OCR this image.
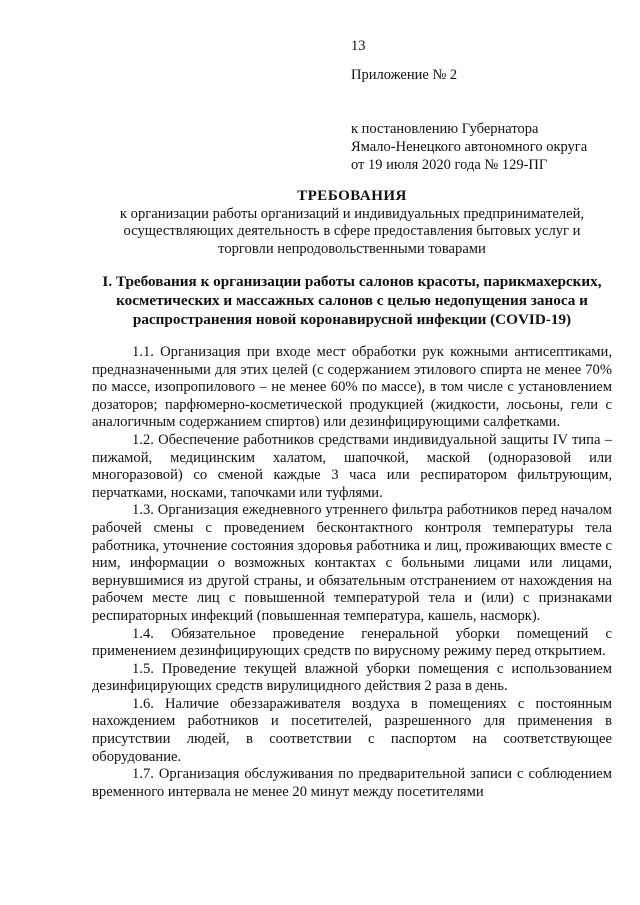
13
Приложение № 2
к постановлению Губернатора
Ямало-Ненецкого автономного округа
от 19 июля 2020 года № 129-ПГ
ТРЕБОВАНИЯ
к организации работы организаций и индивидуальных предпринимателей,
осуществляющих деятельность в сфере предоставления бытовых услуг и
торговли непродовольственными товарами
I. Требования к организации работы салонов красоты, парикмахерских,
косметических и массажных салонов с целью недопущения заноса и
распространения новой коронавирусной инфекции (COVID-19)

1.1. Организация при входе мест обработки рук кожными антисептиками, предназначенными для этих целей (с содержанием этилового спирта не менее 70% по массе, изопропилового – не менее 60% по массе), в том числе с установлением дозаторов; парфюмерно-косметической продукцией (жидкости, лосьоны, гели с аналогичным содержанием спиртов) или дезинфицирующими салфетками.

1.2. Обеспечение работников средствами индивидуальной защиты IV типа – пижамой, медицинским халатом, шапочкой, маской (одноразовой или многоразовой) со сменой каждые 3 часа или респиратором фильтрующим, перчатками, носками, тапочками или туфлями.

1.3. Организация ежедневного утреннего фильтра работников перед началом рабочей смены с проведением бесконтактного контроля температуры тела работника, уточнение состояния здоровья работника и лиц, проживающих вместе с ним, информации о возможных контактах с больными лицами или лицами, вернувшимися из другой страны, и обязательным отстранением от нахождения на рабочем месте лиц с повышенной температурой тела и (или) с признаками респираторных инфекций (повышенная температура, кашель, насморк).

1.4. Обязательное проведение генеральной уборки помещений с применением дезинфицирующих средств по вирусному режиму перед открытием.

1.5. Проведение текущей влажной уборки помещения с использованием дезинфицирующих средств вирулицидного действия 2 раза в день.

1.6. Наличие обеззараживателя воздуха в помещениях с постоянным нахождением работников и посетителей, разрешенного для применения в присутствии людей, в соответствии с паспортом на соответствующее оборудование.

1.7. Организация обслуживания по предварительной записи с соблюдением временного интервала не менее 20 минут между посетителями
